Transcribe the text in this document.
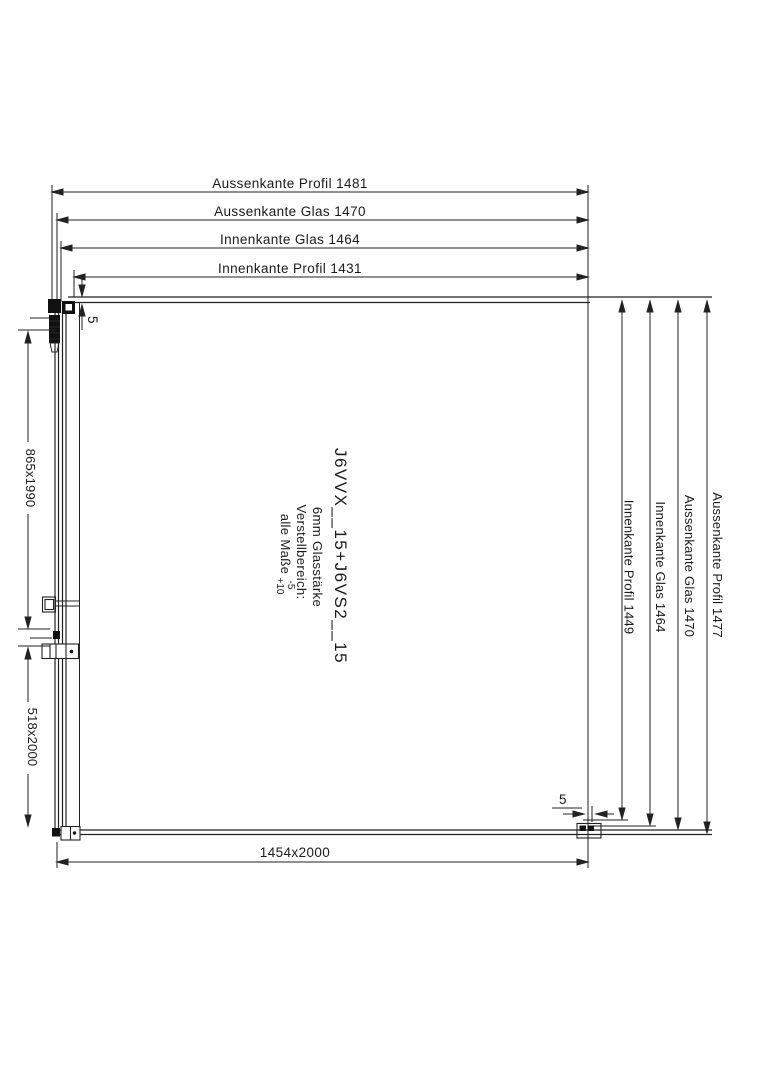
Aussenkante Profil 1481
Aussenkante Glas 1470
Innenkante Glas 1464
Innenkante Profil 1431
5
Innenkante Profil 1449 Innenkante Glas 1464 Aussenkante Glas 1470 Aussenkante Profil 1477
865x1990
518x2000
1454x2000
5
J6VVX__15+J6VS2__15
6mm Glasstärke
Verstellbereich:
alle Maße
-5
+10
